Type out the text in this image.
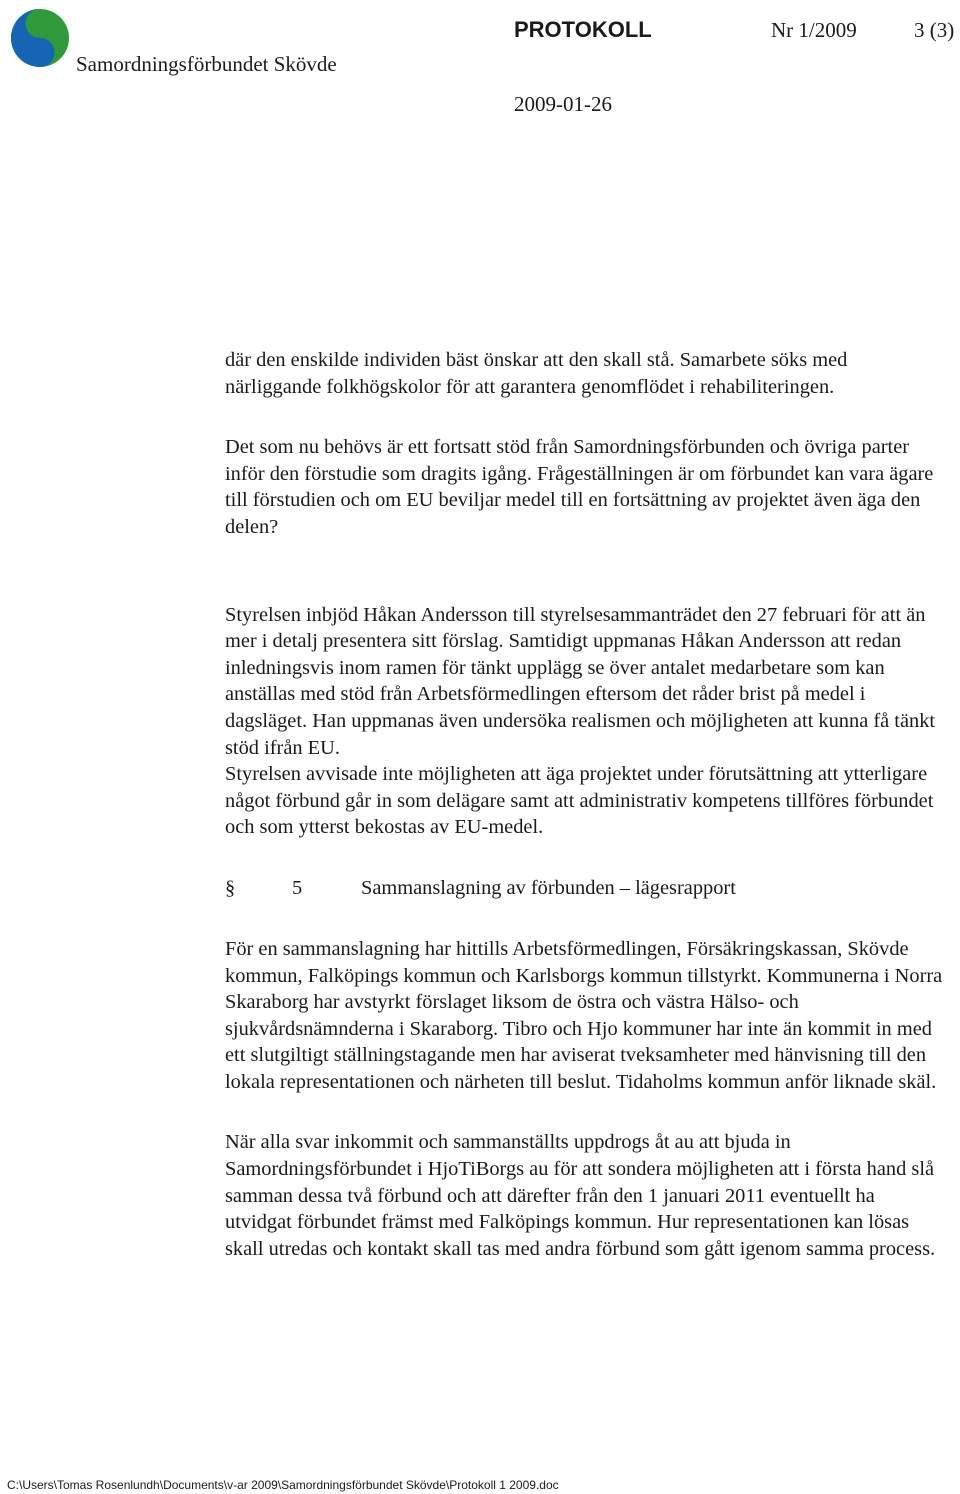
Samordningsförbundet Skövde
PROTOKOLL	Nr 1/2009	3 (3)
2009-01-26

där den enskilde individen bäst önskar att den skall stå. Samarbete söks med närliggande folkhögskolor för att garantera genomflödet i rehabiliteringen.

Det som nu behövs är ett fortsatt stöd från Samordningsförbunden och övriga parter inför den förstudie som dragits igång. Frågeställningen är om förbundet kan vara ägare till förstudien och om EU beviljar medel till en fortsättning av projektet även äga den delen?

Styrelsen inbjöd Håkan Andersson till styrelsesammanträdet den 27 februari för att än mer i detalj presentera sitt förslag. Samtidigt uppmanas Håkan Andersson att redan inledningsvis inom ramen för tänkt upplägg se över antalet medarbetare som kan anställas med stöd från Arbetsförmedlingen eftersom det råder brist på medel i dagsläget. Han uppmanas även undersöka realismen och möjligheten att kunna få tänkt stöd ifrån EU.

Styrelsen avvisade inte möjligheten att äga projektet under förutsättning att ytterligare något förbund går in som delägare samt att administrativ kompetens tillföres förbundet och som ytterst bekostas av EU-medel.

§	5	Sammanslagning av förbunden – lägesrapport

För en sammanslagning har hittills Arbetsförmedlingen, Försäkringskassan, Skövde kommun, Falköpings kommun och Karlsborgs kommun tillstyrkt. Kommunerna i Norra Skaraborg har avstyrkt förslaget liksom de östra och västra Hälso- och sjukvårdsnämnderna i Skaraborg. Tibro och Hjo kommuner har inte än kommit in med ett slutgiltigt ställningstagande men har aviserat tveksamheter med hänvisning till den lokala representationen och närheten till beslut. Tidaholms kommun anför liknade skäl.

När alla svar inkommit och sammanställts uppdrogs åt au att bjuda in Samordningsförbundet i HjoTiBorgs au för att sondera möjligheten att i första hand slå samman dessa två förbund och att därefter från den 1 januari 2011 eventuellt ha utvidgat förbundet främst med Falköpings kommun. Hur representationen kan lösas skall utredas och kontakt skall tas med andra förbund som gått igenom samma process.

C:\Users\Tomas Rosenlundh\Documents\v-ar 2009\Samordningsförbundet Skövde\Protokoll 1 2009.doc
